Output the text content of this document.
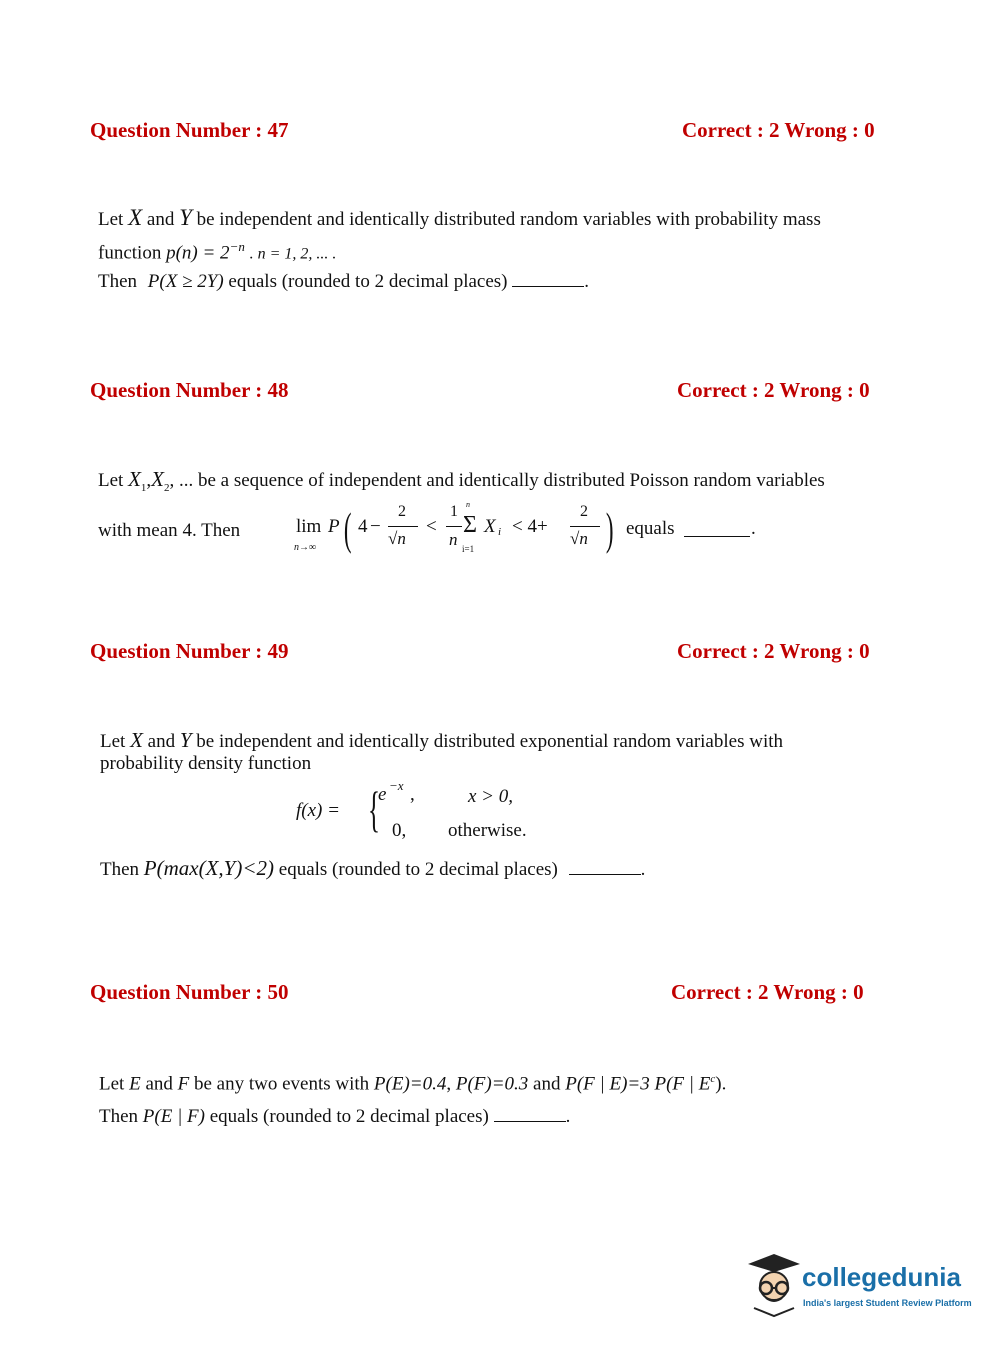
Question Number : 47	Correct : 2 Wrong : 0
Let X and Y be independent and identically distributed random variables with probability mass
function $p(n) = 2^{-n}$ . n = 1, 2, ... .
Then P(X ≥ 2Y) equals (rounded to 2 decimal places)	.
Question Number : 48	Correct : 2 Wrong : 0
Let $X_1,X_2$, ... be a sequence of independent and identically distributed Poisson random variables
with mean 4. Then	lim
n→∞
P ( 4 −
2
√n
<
1
n
n
Σ
i=1
X i < 4+
2
√n ) equals	.
Question Number : 49	Correct : 2 Wrong : 0
Let X and Y be independent and identically distributed exponential random variables with
probability density function
f(x) = {
e −x ,	x > 0,
0, otherwise.
Then P(max(X,Y)<2) equals (rounded to 2 decimal places)	.
Question Number : 50	Correct : 2 Wrong : 0
Let E and F be any two events with P(E)=0.4, P(F)=0.3 and P(F | E)=3 P(F | $E^c$).
Then P(E | F) equals (rounded to 2 decimal places)	.
collegedunia
India's largest Student Review Platform
